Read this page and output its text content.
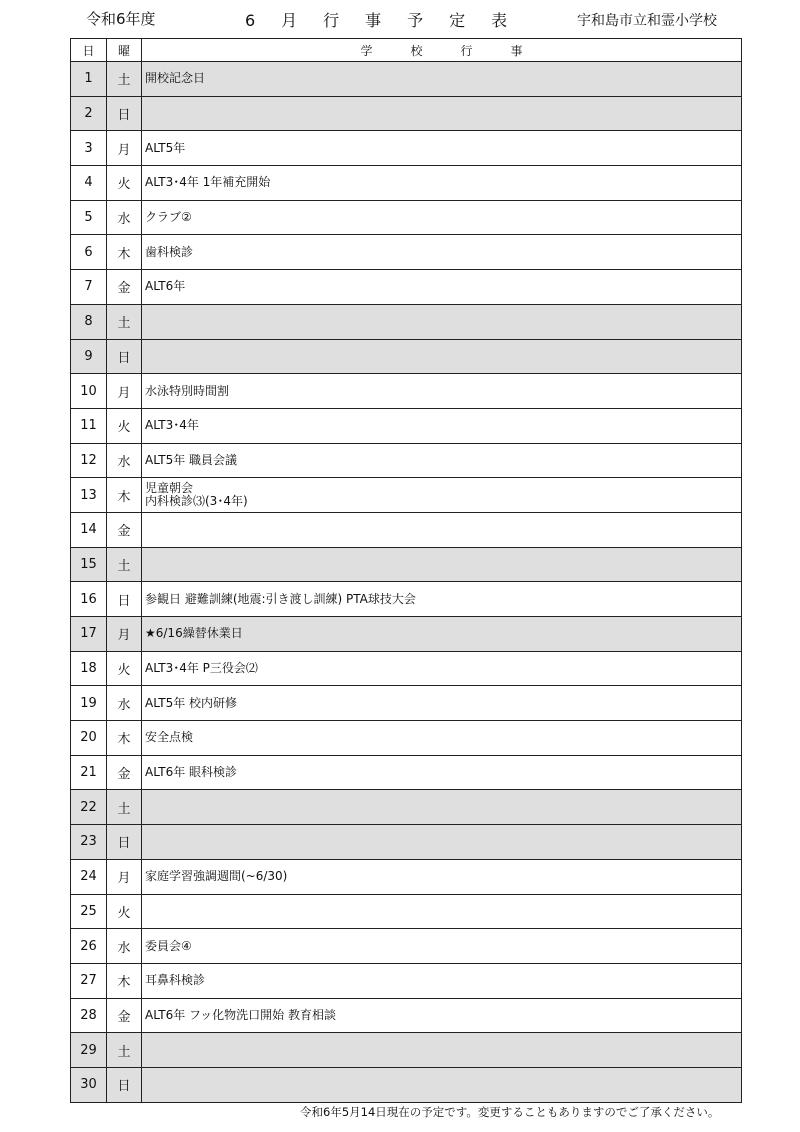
令和6年度	6月行事予定表	宇和島市立和霊小学校
日	曜	学校行事
1	土	開校記念日
2	日	
3	月	ALT5年
4	火	ALT3･4年 1年補充開始
5	水	クラブ②
6	木	歯科検診
7	金	ALT6年
8	土	
9	日	
10	月	水泳特別時間割
11	火	ALT3･4年
12	水	ALT5年 職員会議
13	木	児童朝会
内科検診⑶(3･4年)
14	金	
15	土	
16	日	参観日 避難訓練(地震:引き渡し訓練) PTA球技大会
17	月	★6/16繰替休業日
18	火	ALT3･4年 P三役会⑵
19	水	ALT5年 校内研修
20	木	安全点検
21	金	ALT6年 眼科検診
22	土	
23	日	
24	月	家庭学習強調週間(~6/30)
25	火	
26	水	委員会④
27	木	耳鼻科検診
28	金	ALT6年 フッ化物洗口開始 教育相談
29	土	
30	日	
令和6年5月14日現在の予定です。変更することもありますのでご了承ください。
